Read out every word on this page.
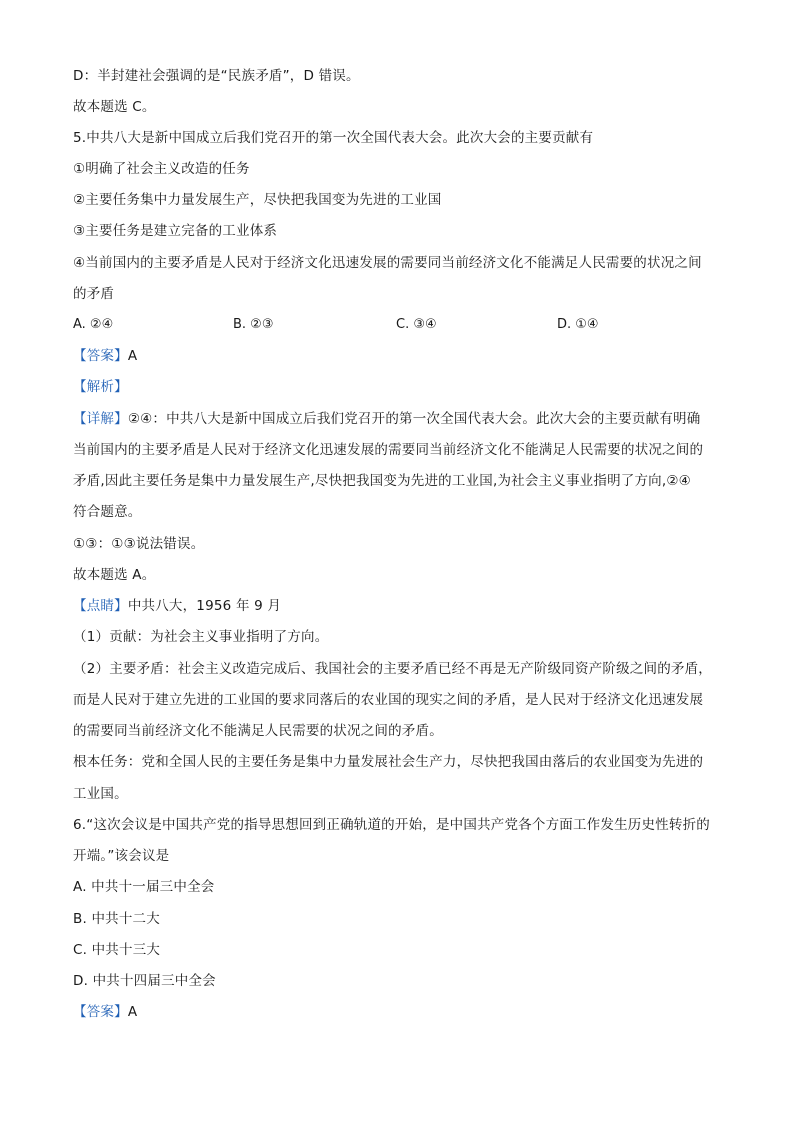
D：半封建社会强调的是“民族矛盾”，D 错误。
故本题选 C。
5.中共八大是新中国成立后我们党召开的第一次全国代表大会。此次大会的主要贡献有
①明确了社会主义改造的任务
②主要任务集中力量发展生产，尽快把我国变为先进的工业国
③主要任务是建立完备的工业体系
④当前国内的主要矛盾是人民对于经济文化迅速发展的需要同当前经济文化不能满足人民需要的状况之间
的矛盾
A. ②④	B. ②③	C. ③④	D. ①④
【答案】A
【解析】
【详解】②④：中共八大是新中国成立后我们党召开的第一次全国代表大会。此次大会的主要贡献有明确
当前国内的主要矛盾是人民对于经济文化迅速发展的需要同当前经济文化不能满足人民需要的状况之间的
矛盾,因此主要任务是集中力量发展生产,尽快把我国变为先进的工业国,为社会主义事业指明了方向,②④
符合题意。
①③：①③说法错误。
故本题选 A。
【点睛】中共八大，1956 年 9 月
（1）贡献：为社会主义事业指明了方向。
（2）主要矛盾：社会主义改造完成后、我国社会的主要矛盾已经不再是无产阶级同资产阶级之间的矛盾，
而是人民对于建立先进的工业国的要求同落后的农业国的现实之间的矛盾，是人民对于经济文化迅速发展
的需要同当前经济文化不能满足人民需要的状况之间的矛盾。
根本任务：党和全国人民的主要任务是集中力量发展社会生产力，尽快把我国由落后的农业国变为先进的
工业国。
6.“这次会议是中国共产党的指导思想回到正确轨道的开始，是中国共产党各个方面工作发生历史性转折的
开端。”该会议是
A. 中共十一届三中全会
B. 中共十二大
C. 中共十三大
D. 中共十四届三中全会
【答案】A
